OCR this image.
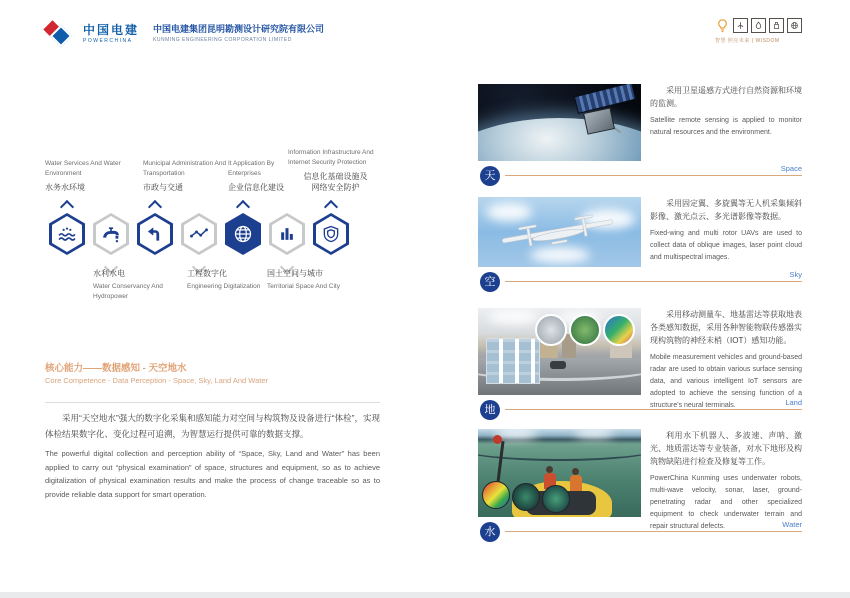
中国电建
POWERCHINA
中国电建集团昆明勘测设计研究院有限公司
KUNMING ENGINEERING CORPORATION LIMITED	智慧 照亮未来 | WISDOM
Water Services And Water Environment
水务水环境
Municipal Administration And Transportation
市政与交通
It Application By Enterprises
企业信息化建设
Information Infrastructure And Internet Security Protection
信息化基础设施及网络安全防护
水利水电
Water Conservancy And Hydropower
工程数字化
Engineering Digitalization
国土空间与城市
Territorial Space And City
核心能力——数据感知 - 天空地水
Core Competence - Data Perception - Space, Sky, Land And Water
采用“天空地水”强大的数字化采集和感知能力对空间与构筑物及设备进行“体检”，实现体检结果数字化、变化过程可追溯，为智慧运行提供可靠的数据支撑。
The powerful digital collection and perception ability of “Space, Sky, Land and Water” has been applied to carry out “physical examination” of space, structures and equipment, so as to achieve digitalization of physical examination results and make the process of change traceable so as to provide reliable data support for smart operation.
采用卫星遥感方式进行自然资源和环境的监测。
Satellite remote sensing is applied to monitor natural resources and the environment.
天
Space
采用固定翼、多旋翼等无人机采集倾斜影像、激光点云、多光谱影像等数据。
Fixed-wing and multi rotor UAVs are used to collect data of oblique images, laser point cloud and multispectral images.
空
Sky
采用移动测量车、地基雷达等获取地表各类感知数据，采用各种智能物联传感器实现构筑物的神经末梢（IOT）感知功能。
Mobile measurement vehicles and ground-based radar are used to obtain various surface sensing data, and various intelligent IoT sensors are adopted to achieve the sensing function of a structure's neural terminals.
地
Land
利用水下机器人、多波速、声呐、激光、地质雷达等专业装备，对水下地形及构筑物缺陷进行检查及修复等工作。
PowerChina Kunming uses underwater robots, multi-wave velocity, sonar, laser, ground-penetrating radar and other specialized equipment to check underwater terrain and repair structural defects.
水
Water
